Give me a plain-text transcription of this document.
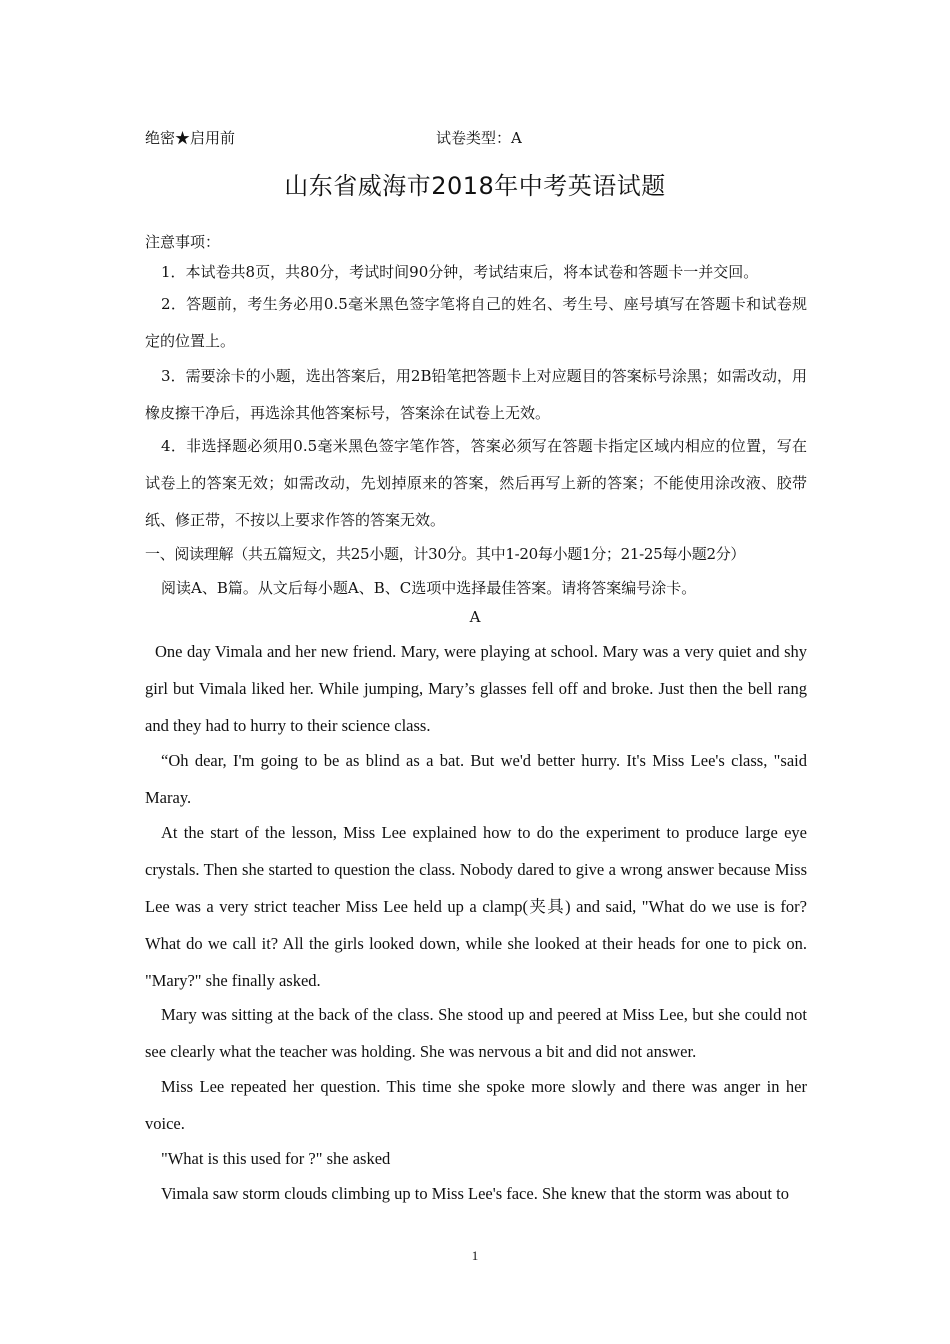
绝密★启用前	试卷类型：A
山东省威海市2018年中考英语试题
注意事项：
1．本试卷共8页，共80分，考试时间90分钟，考试结束后，将本试卷和答题卡一并交回。
2．答题前，考生务必用0.5毫米黑色签字笔将自己的姓名、考生号、座号填写在答题卡和试卷规定的位置上。
3．需要涂卡的小题，选出答案后，用2B铅笔把答题卡上对应题目的答案标号涂黑；如需改动，用橡皮擦干净后，再选涂其他答案标号，答案涂在试卷上无效。
4．非选择题必须用0.5毫米黑色签字笔作答，答案必须写在答题卡指定区域内相应的位置，写在试卷上的答案无效；如需改动，先划掉原来的答案，然后再写上新的答案；不能使用涂改液、胶带纸、修正带，不按以上要求作答的答案无效。
一、阅读理解（共五篇短文，共25小题，计30分。其中1-20每小题1分；21-25每小题2分）
阅读A、B篇。从文后每小题A、B、C选项中选择最佳答案。请将答案编号涂卡。
A
One day Vimala and her new friend. Mary, were playing at school. Mary was a very quiet and shy girl but Vimala liked her. While jumping, Mary’s glasses fell off and broke. Just then the bell rang and they had to hurry to their science class.
“Oh dear, I'm going to be as blind as a bat. But we'd better hurry. It's Miss Lee's class, "said Maray.
At the start of the lesson, Miss Lee explained how to do the experiment to produce large eye crystals. Then she started to question the class. Nobody dared to give a wrong answer because Miss Lee was a very strict teacher Miss Lee held up a clamp(夹具) and said, "What do we use is for? What do we call it? All the girls looked down, while she looked at their heads for one to pick on. "Mary?" she finally asked.
Mary was sitting at the back of the class. She stood up and peered at Miss Lee, but she could not see clearly what the teacher was holding. She was nervous a bit and did not answer.
Miss Lee repeated her question. This time she spoke more slowly and there was anger in her voice.
"What is this used for ?" she asked
Vimala saw storm clouds climbing up to Miss Lee's face. She knew that the storm was about to
1
